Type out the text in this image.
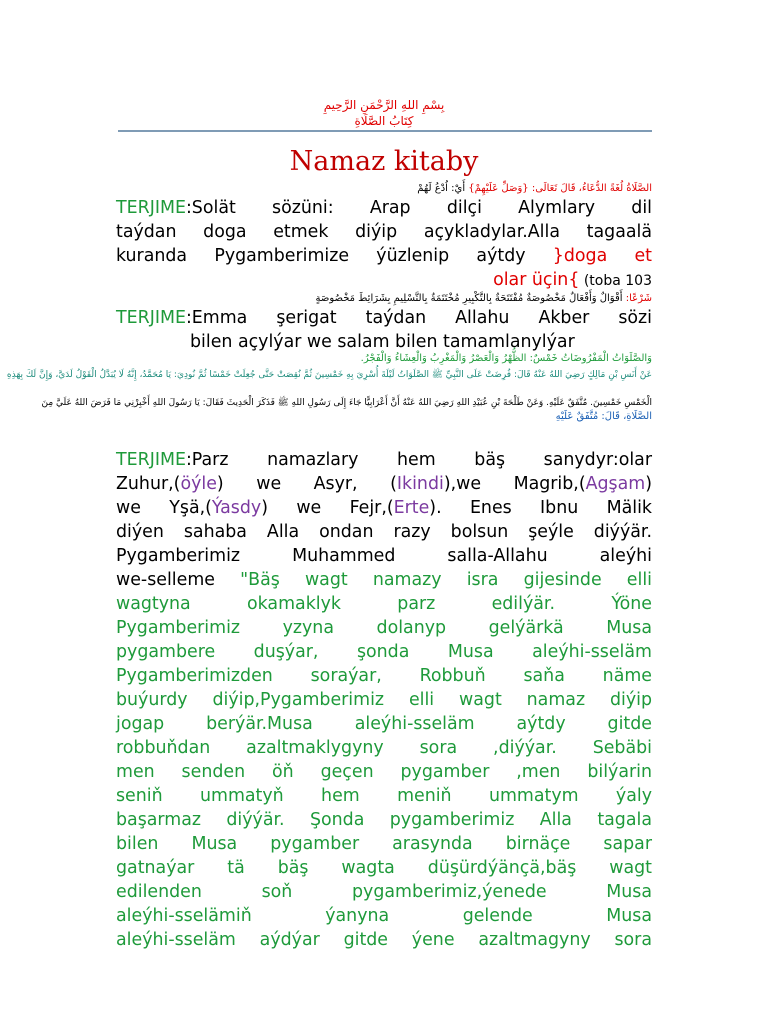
بِسْمِ اللهِ الرَّحْمَنِ الرَّحِيمِ
كِتَابُ الصَّلَاةِ
Namaz kitaby
الصَّلَاةُ لُغَةً الدُّعَاءُ، قَالَ تَعَالَى: {وَصَلِّ عَلَيْهِمْ} أَيْ: اُدْعُ لَهُمْ
TERJIME:Solät sözüni: Arap dilçi Alymlary dil
taýdan doga etmek diýip açykladylar.Alla tagaalä
kuranda Pygamberimize ýüzlenip aýtdy }doga et
olar üçin{ (toba 103
شَرْعًا: أَقْوَالٌ وَأَفْعَالٌ مَخْصُوصَةٌ مُفْتَتَحَةٌ بِالتَّكْبِيرِ مُخْتَتَمَةٌ بِالتَّسْلِيمِ بِشَرَائِطَ مَخْصُوصَةٍ
TERJIME:Emma şerigat taýdan Allahu Akber sözi
bilen açylýar we salam bilen tamamlanylýar
وَالصَّلَوَاتُ الْمَفْرُوضَاتُ خَمْسٌ: الظُّهْرُ وَالْعَصْرُ وَالْمَغْرِبُ وَالْعِشَاءُ وَالْفَجْرُ.
عَنْ أَنَسِ بْنِ مَالِكٍ رَضِيَ اللهُ عَنْهُ قَالَ: فُرِضَتْ عَلَى النَّبِيِّ ﷺ الصَّلَوَاتُ لَيْلَةَ أُسْرِيَ بِهِ خَمْسِينَ ثُمَّ نُقِصَتْ حَتَّى جُعِلَتْ خَمْسًا ثُمَّ نُودِيَ: يَا مُحَمَّدُ، إِنَّهُ لَا يُبَدَّلُ الْقَوْلُ لَدَيَّ، وَإِنَّ لَكَ بِهَذِهِ
الْخَمْسِ خَمْسِينَ. مُتَّفَقٌ عَلَيْهِ. وَعَنْ طَلْحَةَ بْنِ عُبَيْدِ اللهِ رَضِيَ اللهُ عَنْهُ أَنَّ أَعْرَابِيًّا جَاءَ إِلَى رَسُولِ اللهِ ﷺ فَذَكَرَ الْحَدِيثَ فَقَالَ: يَا رَسُولَ اللهِ أَخْبِرْنِي مَا فَرَضَ اللهُ عَلَيَّ مِنَ
الصَّلَاةِ، قَالَ: مُتَّفَقٌ عَلَيْهِ
TERJIME:Parz namazlary hem bäş sanydyr:olar
Zuhur,(öýle) we Asyr, (Ikindi),we Magrib,(Agşam)
we Yşä,(Ýasdy) we Fejr,(Erte). Enes Ibnu Mälik
diýen sahaba Alla ondan razy bolsun şeýle diýýär.
Pygamberimiz Muhammed salla-Allahu aleýhi
we-selleme "Bäş wagt namazy isra gijesinde elli
wagtyna okamaklyk parz edilýär. Ýöne
Pygamberimiz yzyna dolanyp gelýärkä Musa
pygambere duşýar, şonda Musa aleýhi-sseläm
Pygamberimizden soraýar, Robbuň saňa näme
buýurdy diýip,Pygamberimiz elli wagt namaz diýip
jogap berýär.Musa aleýhi-sseläm aýtdy gitde
robbuňdan azaltmaklygyny sora ,diýýar. Sebäbi
men senden öň geçen pygamber ,men bilýarin
seniň ummatyň hem meniň ummatym ýaly
başarmaz diýýär. Şonda pygamberimiz Alla tagala
bilen Musa pygamber arasynda birnäçe sapar
gatnaýar tä bäş wagta düşürdýänçä,bäş wagt
edilenden soň pygamberimiz,ýenede Musa
aleýhi-sselämiň ýanyna gelende Musa
aleýhi-sseläm aýdýar gitde ýene azaltmagyny sora
